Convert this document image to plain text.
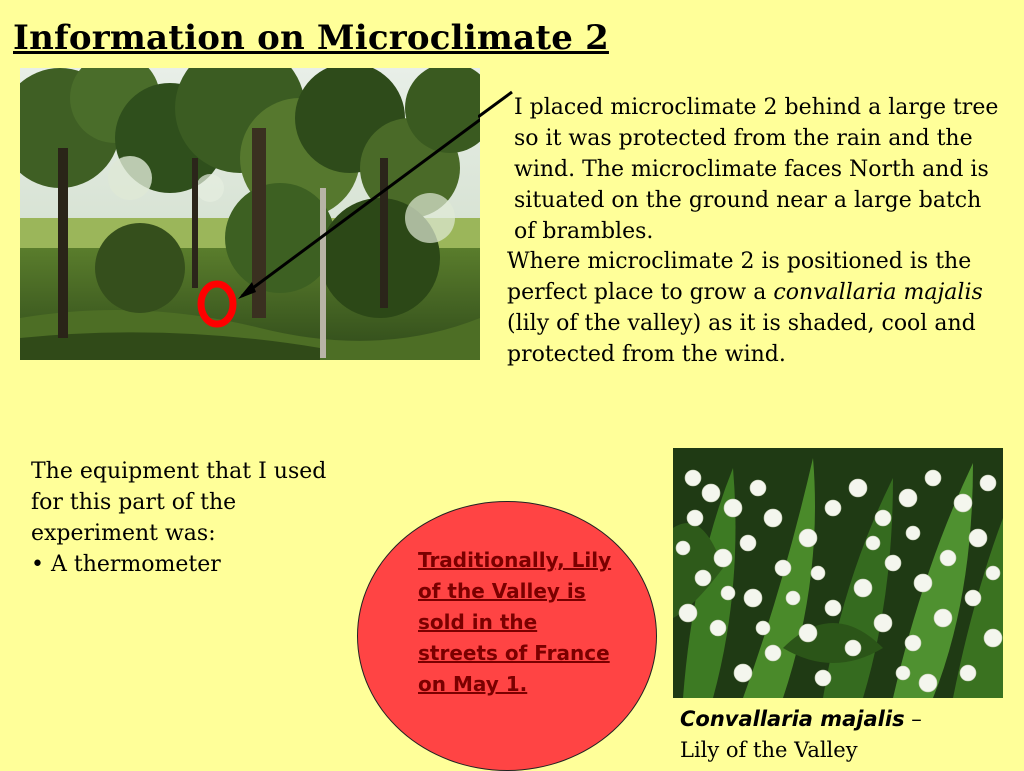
Information on Microclimate 2
I placed microclimate 2 behind a large tree so it was protected from the rain and the wind. The microclimate faces North and is situated on the ground near a large batch of brambles.
Where microclimate 2 is positioned is the perfect place to grow a convallaria majalis (lily of the valley) as it is shaded, cool and protected from the wind.
The equipment that I used for this part of the experiment was:
• A thermometer	Traditionally, Lily of the Valley is sold in the streets of France on May 1.
Convallaria majalis –
Lily of the Valley
